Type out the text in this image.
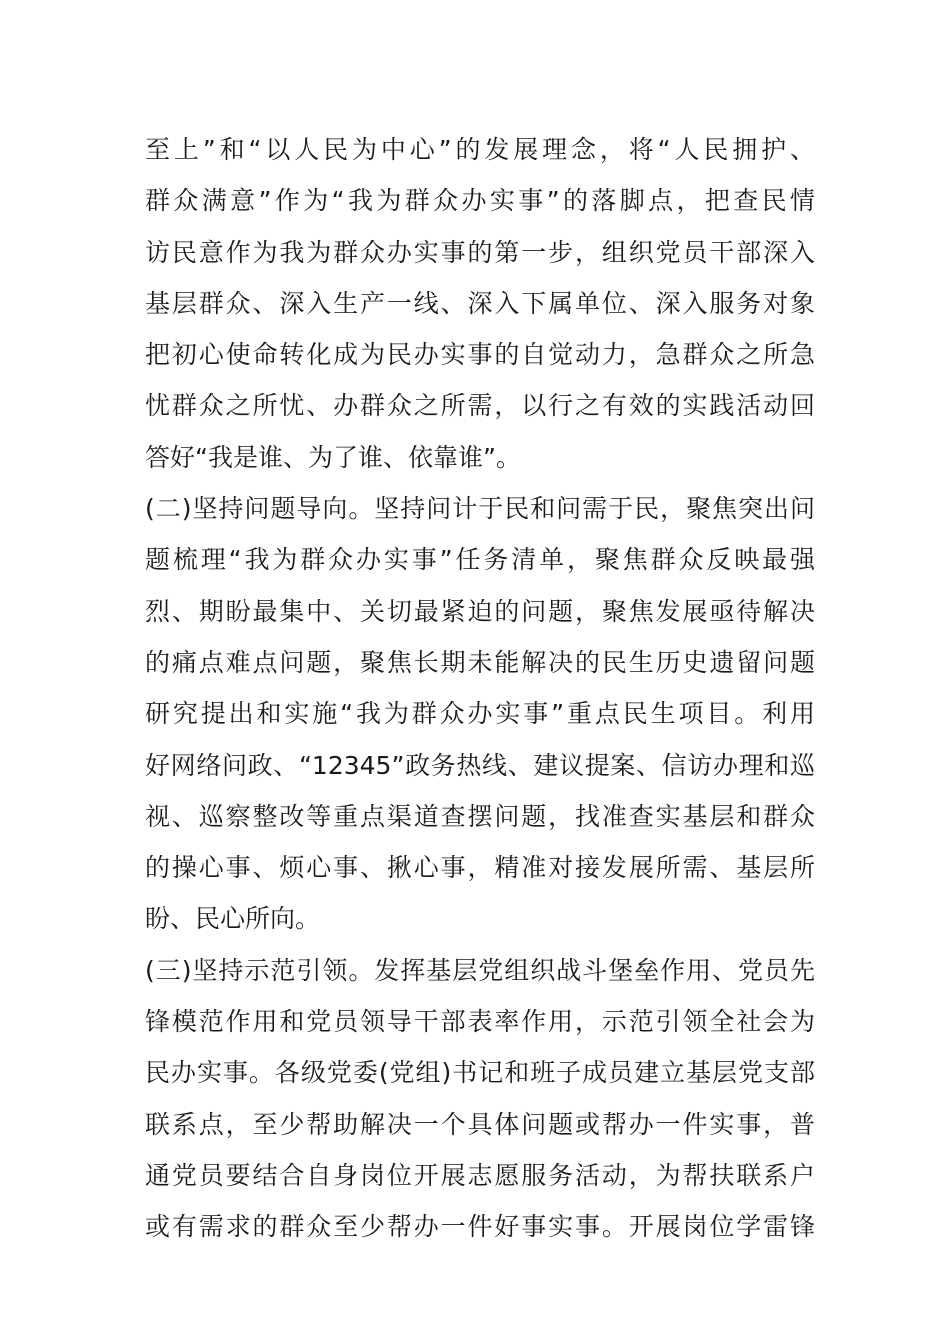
至上”和“以人民为中心”的发展理念，将“人民拥护、
群众满意”作为“我为群众办实事”的落脚点，把查民情
访民意作为我为群众办实事的第一步，组织党员干部深入
基层群众、深入生产一线、深入下属单位、深入服务对象
把初心使命转化成为民办实事的自觉动力，急群众之所急
忧群众之所忧、办群众之所需，以行之有效的实践活动回
答好“我是谁、为了谁、依靠谁”。
(二)坚持问题导向。坚持问计于民和问需于民，聚焦突出问
题梳理“我为群众办实事”任务清单，聚焦群众反映最强
烈、期盼最集中、关切最紧迫的问题，聚焦发展亟待解决
的痛点难点问题，聚焦长期未能解决的民生历史遗留问题
研究提出和实施“我为群众办实事”重点民生项目。利用
好网络问政、“12345”政务热线、建议提案、信访办理和巡
视、巡察整改等重点渠道查摆问题，找准查实基层和群众
的操心事、烦心事、揪心事，精准对接发展所需、基层所
盼、民心所向。
(三)坚持示范引领。发挥基层党组织战斗堡垒作用、党员先
锋模范作用和党员领导干部表率作用，示范引领全社会为
民办实事。各级党委(党组)书记和班子成员建立基层党支部
联系点，至少帮助解决一个具体问题或帮办一件实事，普
通党员要结合自身岗位开展志愿服务活动，为帮扶联系户
或有需求的群众至少帮办一件好事实事。开展岗位学雷锋
